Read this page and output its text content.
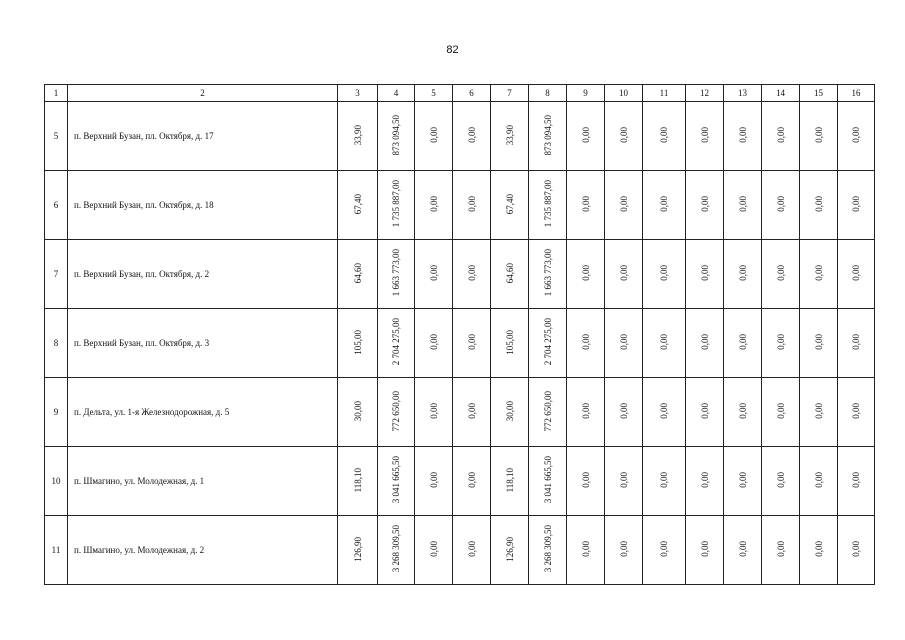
82
1	2	3	4	5	6	7	8	9	10	11	12	13	14	15	16
5	п. Верхний Бузан, пл. Октября, д. 17	33,90	873 094,50	0,00	0,00	33,90	873 094,50	0,00	0,00	0,00	0,00	0,00	0,00	0,00	0,00
6	п. Верхний Бузан, пл. Октября, д. 18	67,40	1 735 887,00	0,00	0,00	67,40	1 735 887,00	0,00	0,00	0,00	0,00	0,00	0,00	0,00	0,00
7	п. Верхний Бузан, пл. Октября, д. 2	64,60	1 663 773,00	0,00	0,00	64,60	1 663 773,00	0,00	0,00	0,00	0,00	0,00	0,00	0,00	0,00
8	п. Верхний Бузан, пл. Октября, д. 3	105,00	2 704 275,00	0,00	0,00	105,00	2 704 275,00	0,00	0,00	0,00	0,00	0,00	0,00	0,00	0,00
9	п. Дельта, ул. 1-я Железнодорожная, д. 5	30,00	772 650,00	0,00	0,00	30,00	772 650,00	0,00	0,00	0,00	0,00	0,00	0,00	0,00	0,00
10	п. Шмагино, ул. Молодежная, д. 1	118,10	3 041 665,50	0,00	0,00	118,10	3 041 665,50	0,00	0,00	0,00	0,00	0,00	0,00	0,00	0,00
11	п. Шмагино, ул. Молодежная, д. 2	126,90	3 268 309,50	0,00	0,00	126,90	3 268 309,50	0,00	0,00	0,00	0,00	0,00	0,00	0,00	0,00
